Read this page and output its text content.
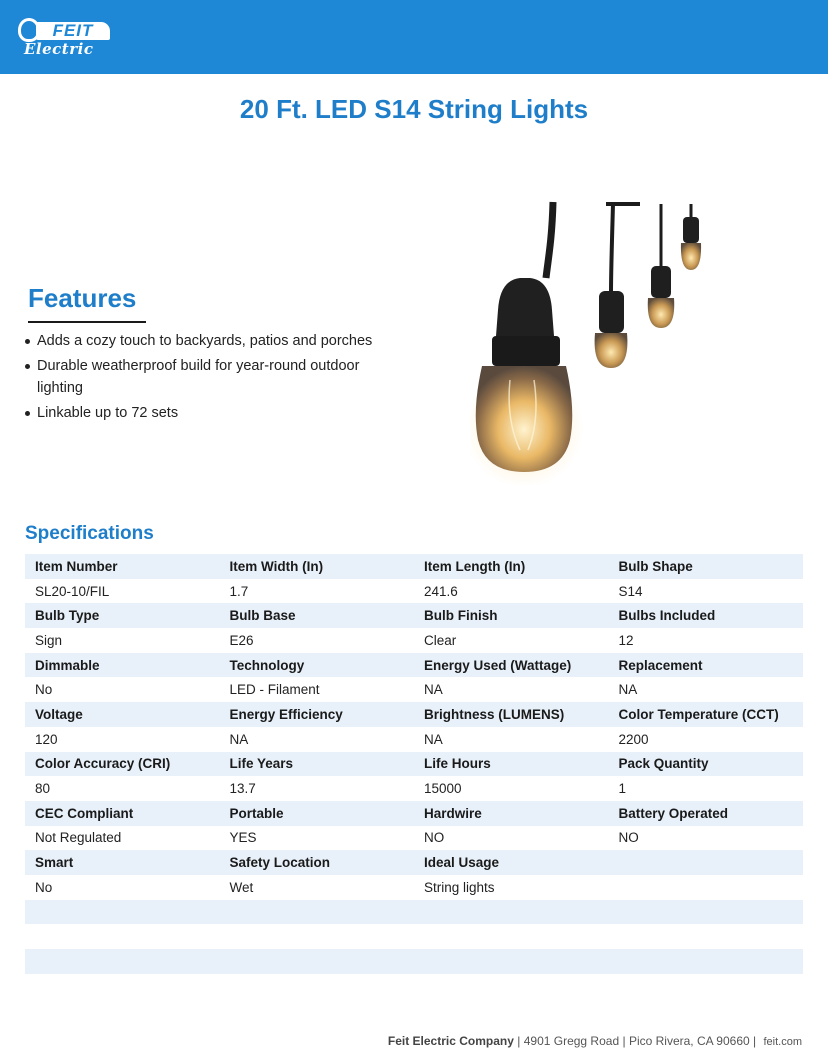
FEIT
Electric
20 Ft. LED S14 String Lights
Features
Adds a cozy touch to backyards, patios and porches
Durable weatherproof build for year-round outdoor lighting
Linkable up to 72 sets
Specifications
Item Number	Item Width (In)	Item Length (In)	Bulb Shape
SL20-10/FIL	1.7	241.6	S14
Bulb Type	Bulb Base	Bulb Finish	Bulbs Included
Sign	E26	Clear	12
Dimmable	Technology	Energy Used (Wattage)	Replacement
No	LED - Filament	NA	NA
Voltage	Energy Efficiency	Brightness (LUMENS)	Color Temperature (CCT)
120	NA	NA	2200
Color Accuracy (CRI)	Life Years	Life Hours	Pack Quantity
80	13.7	15000	1
CEC Compliant	Portable	Hardwire	Battery Operated
Not Regulated	YES	NO	NO
Smart	Safety Location	Ideal Usage	
No	Wet	String lights	

Feit Electric Company | 4901 Gregg Road | Pico Rivera, CA 90660 | feit.com
